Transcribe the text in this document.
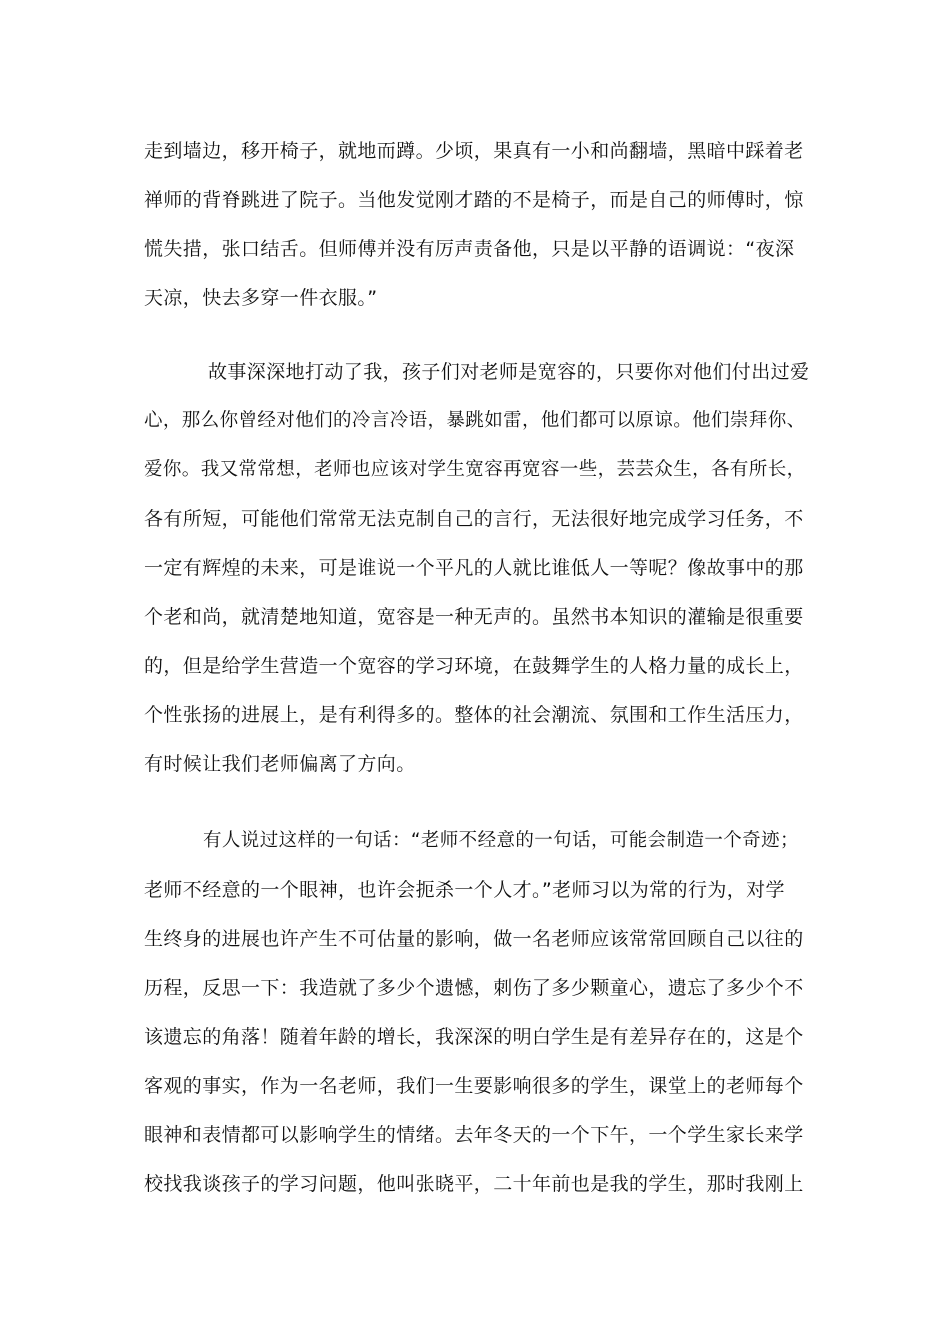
走到墙边，移开椅子，就地而蹲。少顷，果真有一小和尚翻墙，黑暗中踩着老

禅师的背脊跳进了院子。当他发觉刚才踏的不是椅子，而是自己的师傅时，惊

慌失措，张口结舌。但师傅并没有厉声责备他，只是以平静的语调说：“夜深

天凉，快去多穿一件衣服。”

故事深深地打动了我，孩子们对老师是宽容的，只要你对他们付出过爱

心，那么你曾经对他们的冷言冷语，暴跳如雷，他们都可以原谅。他们崇拜你、

爱你。我又常常想，老师也应该对学生宽容再宽容一些，芸芸众生，各有所长，

各有所短，可能他们常常无法克制自己的言行，无法很好地完成学习任务，不

一定有辉煌的未来，可是谁说一个平凡的人就比谁低人一等呢？像故事中的那

个老和尚，就清楚地知道，宽容是一种无声的。虽然书本知识的灌输是很重要

的，但是给学生营造一个宽容的学习环境，在鼓舞学生的人格力量的成长上，

个性张扬的进展上，是有利得多的。整体的社会潮流、氛围和工作生活压力，

有时候让我们老师偏离了方向。

有人说过这样的一句话：“老师不经意的一句话，可能会制造一个奇迹；

老师不经意的一个眼神，也许会扼杀一个人才。”老师习以为常的行为，对学

生终身的进展也许产生不可估量的影响，做一名老师应该常常回顾自己以往的

历程，反思一下：我造就了多少个遗憾，刺伤了多少颗童心，遗忘了多少个不

该遗忘的角落！随着年龄的增长，我深深的明白学生是有差异存在的，这是个

客观的事实，作为一名老师，我们一生要影响很多的学生，课堂上的老师每个

眼神和表情都可以影响学生的情绪。去年冬天的一个下午，一个学生家长来学

校找我谈孩子的学习问题，他叫张晓平，二十年前也是我的学生，那时我刚上
